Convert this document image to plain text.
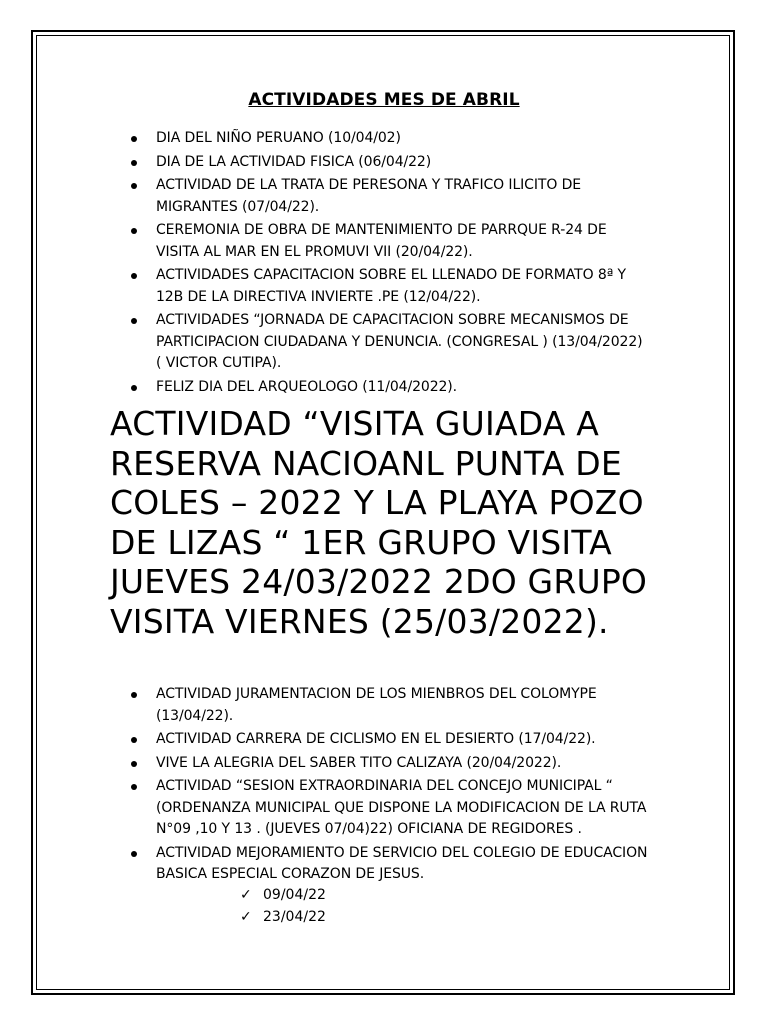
ACTIVIDADES MES DE ABRIL
DIA DEL NIÑO PERUANO (10/04/02)
DIA DE LA ACTIVIDAD FISICA (06/04/22)
ACTIVIDAD DE LA TRATA DE PERESONA Y TRAFICO ILICITO DE MIGRANTES (07/04/22).
CEREMONIA DE OBRA DE MANTENIMIENTO DE PARRQUE R-24 DE VISITA AL MAR EN EL PROMUVI VII (20/04/22).
ACTIVIDADES CAPACITACION SOBRE EL LLENADO DE FORMATO 8ª Y 12B DE LA DIRECTIVA INVIERTE .PE (12/04/22).
ACTIVIDADES “JORNADA DE CAPACITACION SOBRE MECANISMOS DE PARTICIPACION CIUDADANA Y DENUNCIA. (CONGRESAL ) (13/04/2022) ( VICTOR CUTIPA).
FELIZ DIA DEL ARQUEOLOGO (11/04/2022).
ACTIVIDAD “VISITA GUIADA A RESERVA NACIOANL PUNTA DE COLES – 2022 Y LA PLAYA POZO DE LIZAS “ 1ER GRUPO VISITA JUEVES 24/03/2022 2DO GRUPO VISITA VIERNES (25/03/2022).
ACTIVIDAD JURAMENTACION DE LOS MIENBROS DEL COLOMYPE (13/04/22).
ACTIVIDAD CARRERA DE CICLISMO EN EL DESIERTO (17/04/22).
VIVE LA ALEGRIA DEL SABER TITO CALIZAYA (20/04/2022).
ACTIVIDAD “SESION EXTRAORDINARIA DEL CONCEJO MUNICIPAL “ (ORDENANZA MUNICIPAL QUE DISPONE LA MODIFICACION DE LA RUTA N°09 ,10 Y 13 . (JUEVES 07/04)22) OFICIANA DE REGIDORES .
ACTIVIDAD MEJORAMIENTO DE SERVICIO DEL COLEGIO DE EDUCACION BASICA ESPECIAL CORAZON DE JESUS.
✓ 09/04/22
✓ 23/04/22
